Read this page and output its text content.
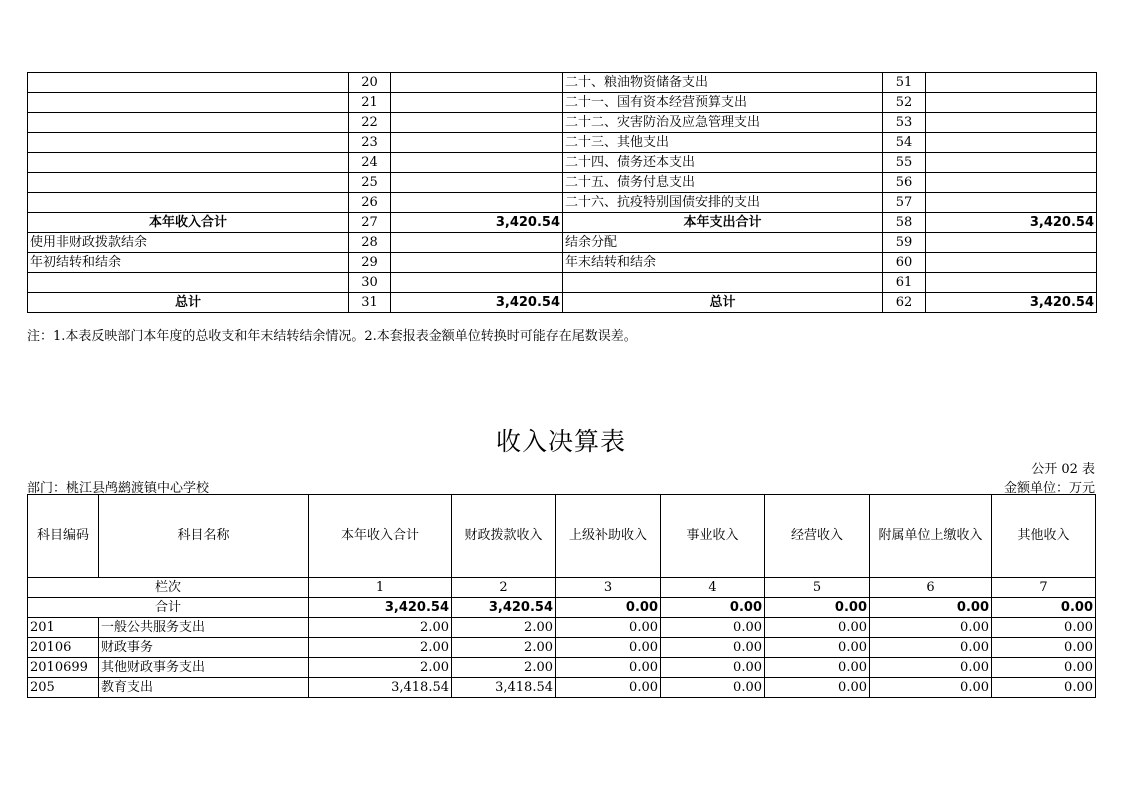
	20		二十、粮油物资储备支出	51	
	21		二十一、国有资本经营预算支出	52	
	22		二十二、灾害防治及应急管理支出	53	
	23		二十三、其他支出	54	
	24		二十四、债务还本支出	55	
	25		二十五、债务付息支出	56	
	26		二十六、抗疫特别国债安排的支出	57	
本年收入合计	27	3,420.54	本年支出合计	58	3,420.54
使用非财政拨款结余	28		结余分配	59	
年初结转和结余	29		年末结转和结余	60	
	30			61	
总计	31	3,420.54	总计	62	3,420.54
注：1.本表反映部门本年度的总收支和年末结转结余情况。2.本套报表金额单位转换时可能存在尾数误差。
收入决算表
公开 02 表
部门：桃江县鸬鹚渡镇中心学校	金额单位：万元
科目编码	科目名称	本年收入合计	财政拨款收入	上级补助收入	事业收入	经营收入	附属单位上缴收入	其他收入
栏次		1	2	3	4	5	6	7
合计		3,420.54	3,420.54	0.00	0.00	0.00	0.00	0.00
201	一般公共服务支出	2.00	2.00	0.00	0.00	0.00	0.00	0.00
20106	财政事务	2.00	2.00	0.00	0.00	0.00	0.00	0.00
2010699	其他财政事务支出	2.00	2.00	0.00	0.00	0.00	0.00	0.00
205	教育支出	3,418.54	3,418.54	0.00	0.00	0.00	0.00	0.00
